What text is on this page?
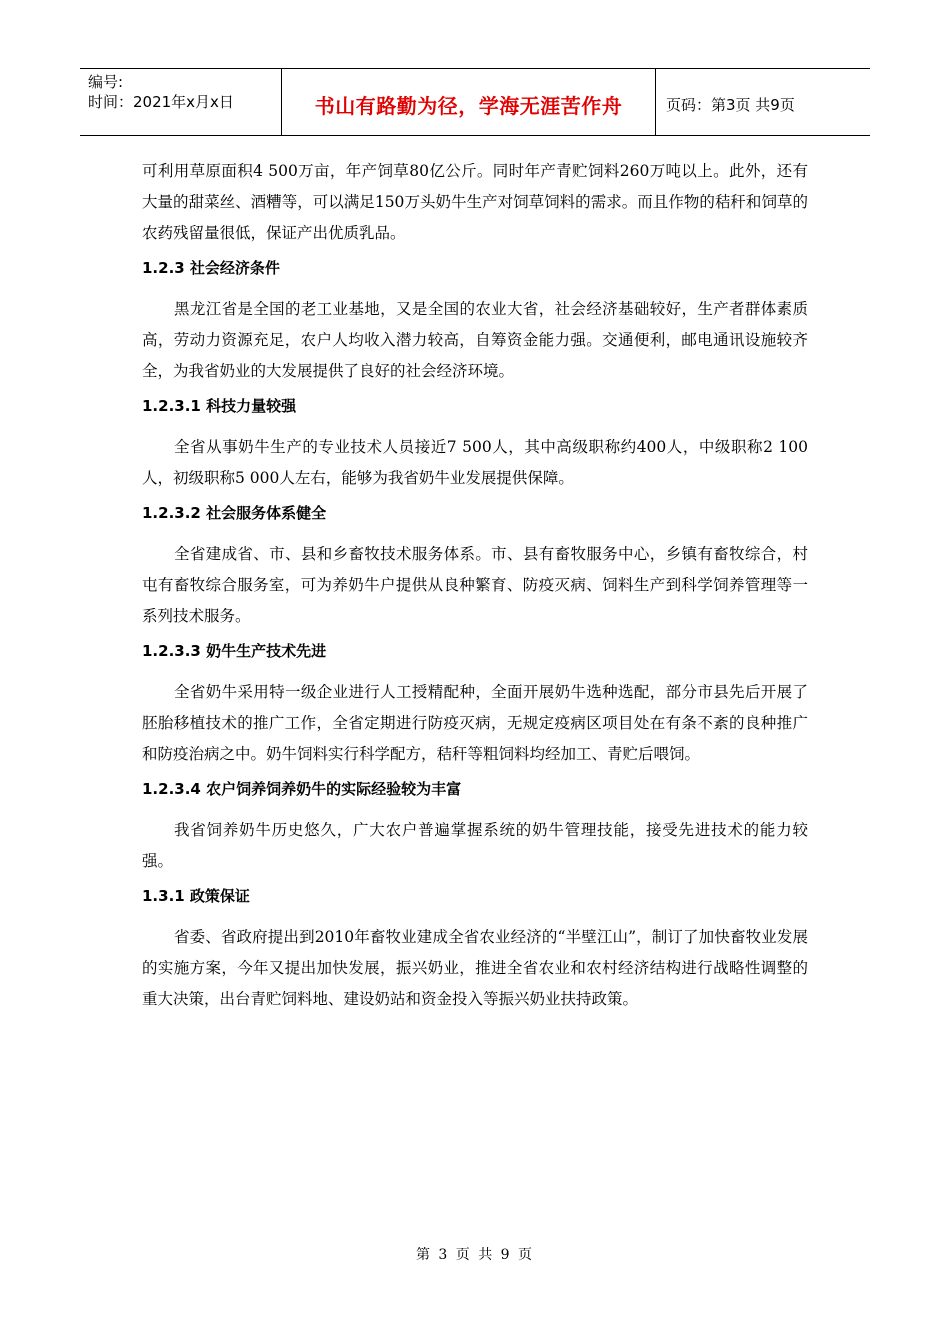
编号:
时间：2021年x月x日	书山有路勤为径，学海无涯苦作舟	页码：第3页 共9页

可利用草原面积4 500万亩，年产饲草80亿公斤。同时年产青贮饲料260万吨以上。此外，还有大量的甜菜丝、酒糟等，可以满足150万头奶牛生产对饲草饲料的需求。而且作物的秸秆和饲草的农药残留量很低，保证产出优质乳品。

1.2.3 社会经济条件

黑龙江省是全国的老工业基地，又是全国的农业大省，社会经济基础较好，生产者群体素质高，劳动力资源充足，农户人均收入潜力较高，自筹资金能力强。交通便利，邮电通讯设施较齐全，为我省奶业的大发展提供了良好的社会经济环境。

1.2.3.1 科技力量较强

全省从事奶牛生产的专业技术人员接近7 500人，其中高级职称约400人，中级职称2 100人，初级职称5 000人左右，能够为我省奶牛业发展提供保障。

1.2.3.2 社会服务体系健全

全省建成省、市、县和乡畜牧技术服务体系。市、县有畜牧服务中心，乡镇有畜牧综合，村屯有畜牧综合服务室，可为养奶牛户提供从良种繁育、防疫灭病、饲料生产到科学饲养管理等一系列技术服务。

1.2.3.3 奶牛生产技术先进

全省奶牛采用特一级企业进行人工授精配种，全面开展奶牛选种选配，部分市县先后开展了胚胎移植技术的推广工作，全省定期进行防疫灭病，无规定疫病区项目处在有条不紊的良种推广和防疫治病之中。奶牛饲料实行科学配方，秸秆等粗饲料均经加工、青贮后喂饲。

1.2.3.4 农户饲养饲养奶牛的实际经验较为丰富

我省饲养奶牛历史悠久，广大农户普遍掌握系统的奶牛管理技能，接受先进技术的能力较强。

1.3.1 政策保证

省委、省政府提出到2010年畜牧业建成全省农业经济的“半壁江山”，制订了加快畜牧业发展的实施方案，今年又提出加快发展，振兴奶业，推进全省农业和农村经济结构进行战略性调整的重大决策，出台青贮饲料地、建设奶站和资金投入等振兴奶业扶持政策。

第 3 页 共 9 页
